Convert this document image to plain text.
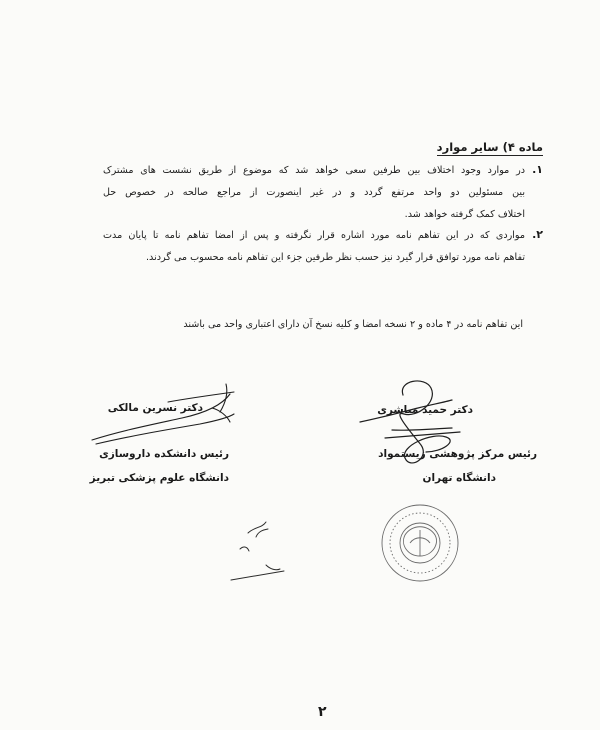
ماده ۴) سایر موارد
۱.
در موارد وجود اختلاف بین طرفین سعی خواهد شد که موضوع از طریق نشست های مشترک
بین مسئولین دو واحد مرتفع گردد و در غیر اینصورت از مراجع صالحه در خصوص حل
اختلاف کمک گرفته خواهد شد.
۲.
مواردی که در این تفاهم نامه مورد اشاره قرار نگرفته و پس از امضا تفاهم نامه تا پایان مدت
تفاهم نامه مورد توافق قرار گیرد نیز حسب نظر طرفین جزء این تفاهم نامه محسوب می گردند.
این تفاهم نامه در ۴ ماده و ۲ نسخه امضا و کلیه نسخ آن دارای اعتباری واحد می باشند
دکتر حمید مباشری
رئیس مرکز پژوهشی زیستمواد
دانشگاه تهران
دکتر نسرین مالکی
رئیس دانشکده داروسازی
دانشگاه علوم پزشکی تبریز
۲
